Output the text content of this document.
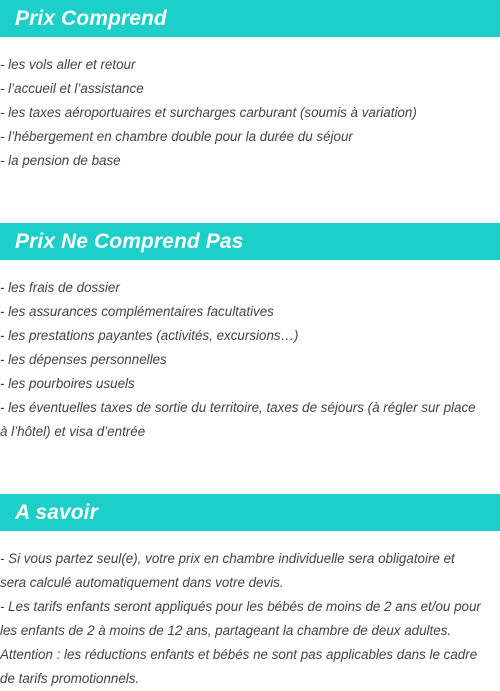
Prix Comprend
- les vols aller et retour
- l’accueil et l’assistance
- les taxes aéroportuaires et surcharges carburant (soumis à variation)
- l’hébergement en chambre double pour la durée du séjour
- la pension de base
Prix Ne Comprend Pas
- les frais de dossier
- les assurances complémentaires facultatives
- les prestations payantes (activités, excursions…)
- les dépenses personnelles
- les pourboires usuels
- les éventuelles taxes de sortie du territoire, taxes de séjours (à régler sur place
à l’hôtel) et visa d’entrée
A savoir
- Si vous partez seul(e), votre prix en chambre individuelle sera obligatoire et
sera calculé automatiquement dans votre devis.
- Les tarifs enfants seront appliqués pour les bébés de moins de 2 ans et/ou pour
les enfants de 2 à moins de 12 ans, partageant la chambre de deux adultes.
Attention : les réductions enfants et bébés ne sont pas applicables dans le cadre
de tarifs promotionnels.
